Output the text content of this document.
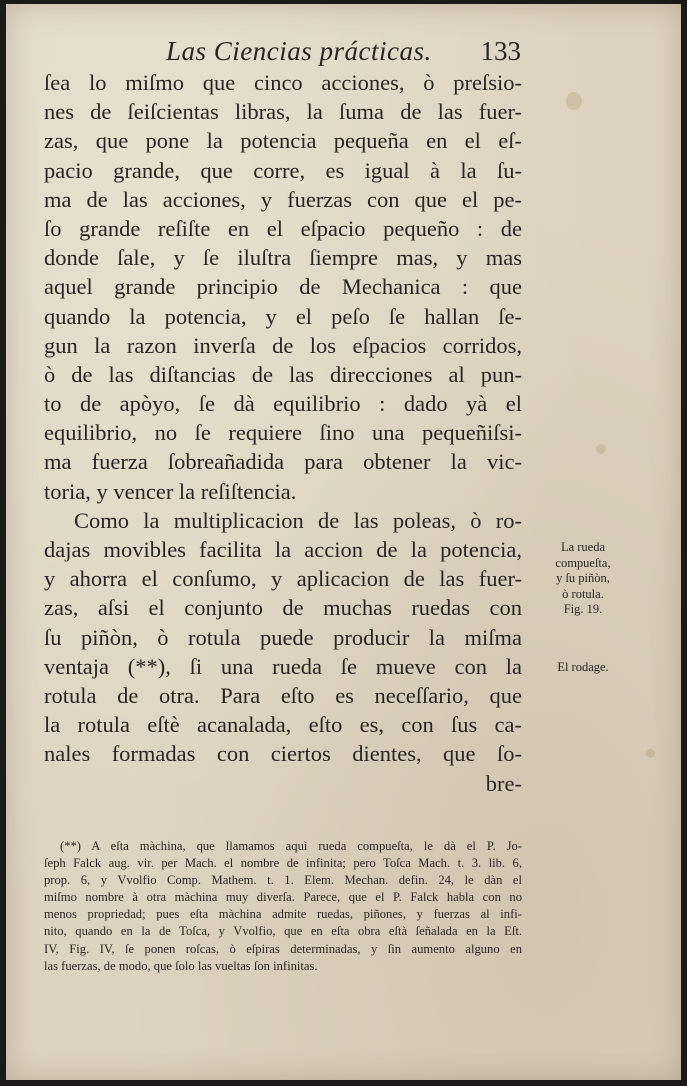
Las Ciencias prácticas. 133
ſea lo miſmo que cinco acciones, ò preſsio-
nes de ſeiſcientas libras, la ſuma de las fuer-
zas, que pone la potencia pequeña en el eſ-
pacio grande, que corre, es igual à la ſu-
ma de las acciones, y fuerzas con que el pe-
ſo grande reſiſte en el eſpacio pequeño : de
donde ſale, y ſe iluſtra ſiempre mas, y mas
aquel grande principio de Mechanica : que
quando la potencia, y el peſo ſe hallan ſe-
gun la razon inverſa de los eſpacios corridos,
ò de las diſtancias de las direcciones al pun-
to de apòyo, ſe dà equilibrio : dado yà el
equilibrio, no ſe requiere ſino una pequeñiſsi-
ma fuerza ſobreañadida para obtener la vic-
toria, y vencer la reſiſtencia.
Como la multiplicacion de las poleas, ò ro-
dajas movibles facilita la accion de la potencia,
y ahorra el conſumo, y aplicacion de las fuer-
zas, aſsi el conjunto de muchas ruedas con
ſu piñòn, ò rotula puede producir la miſma
ventaja (**), ſi una rueda ſe mueve con la
rotula de otra. Para eſto es neceſſario, que
la rotula eſtè acanalada, eſto es, con ſus ca-
nales formadas con ciertos dientes, que ſo-
bre-
La rueda
compueſta,
y ſu piñòn,
ò rotula.
Fig. 19.
El rodage.
(**) A eſta màchina, que llamamos aquì rueda compueſta, le dà el P. Jo-
ſeph Falck aug. vir. per Mach. el nombre de infinita; pero Toſca Mach. t. 3. lib. 6,
prop. 6, y Vvolfio Comp. Mathem. t. 1. Elem. Mechan. defin. 24, le dàn el
miſmo nombre à otra màchina muy diverſa. Parece, que el P. Falck habla con no
menos propriedad; pues eſta màchina admite ruedas, piñones, y fuerzas al infi-
nito, quando en la de Toſca, y Vvolfio, que en eſta obra eſtà ſeñalada en la Eſt.
IV, Fig. IV, ſe ponen roſcas, ò eſpiras determinadas, y ſin aumento alguno en
las fuerzas, de modo, que ſolo las vueltas ſon infinitas.
